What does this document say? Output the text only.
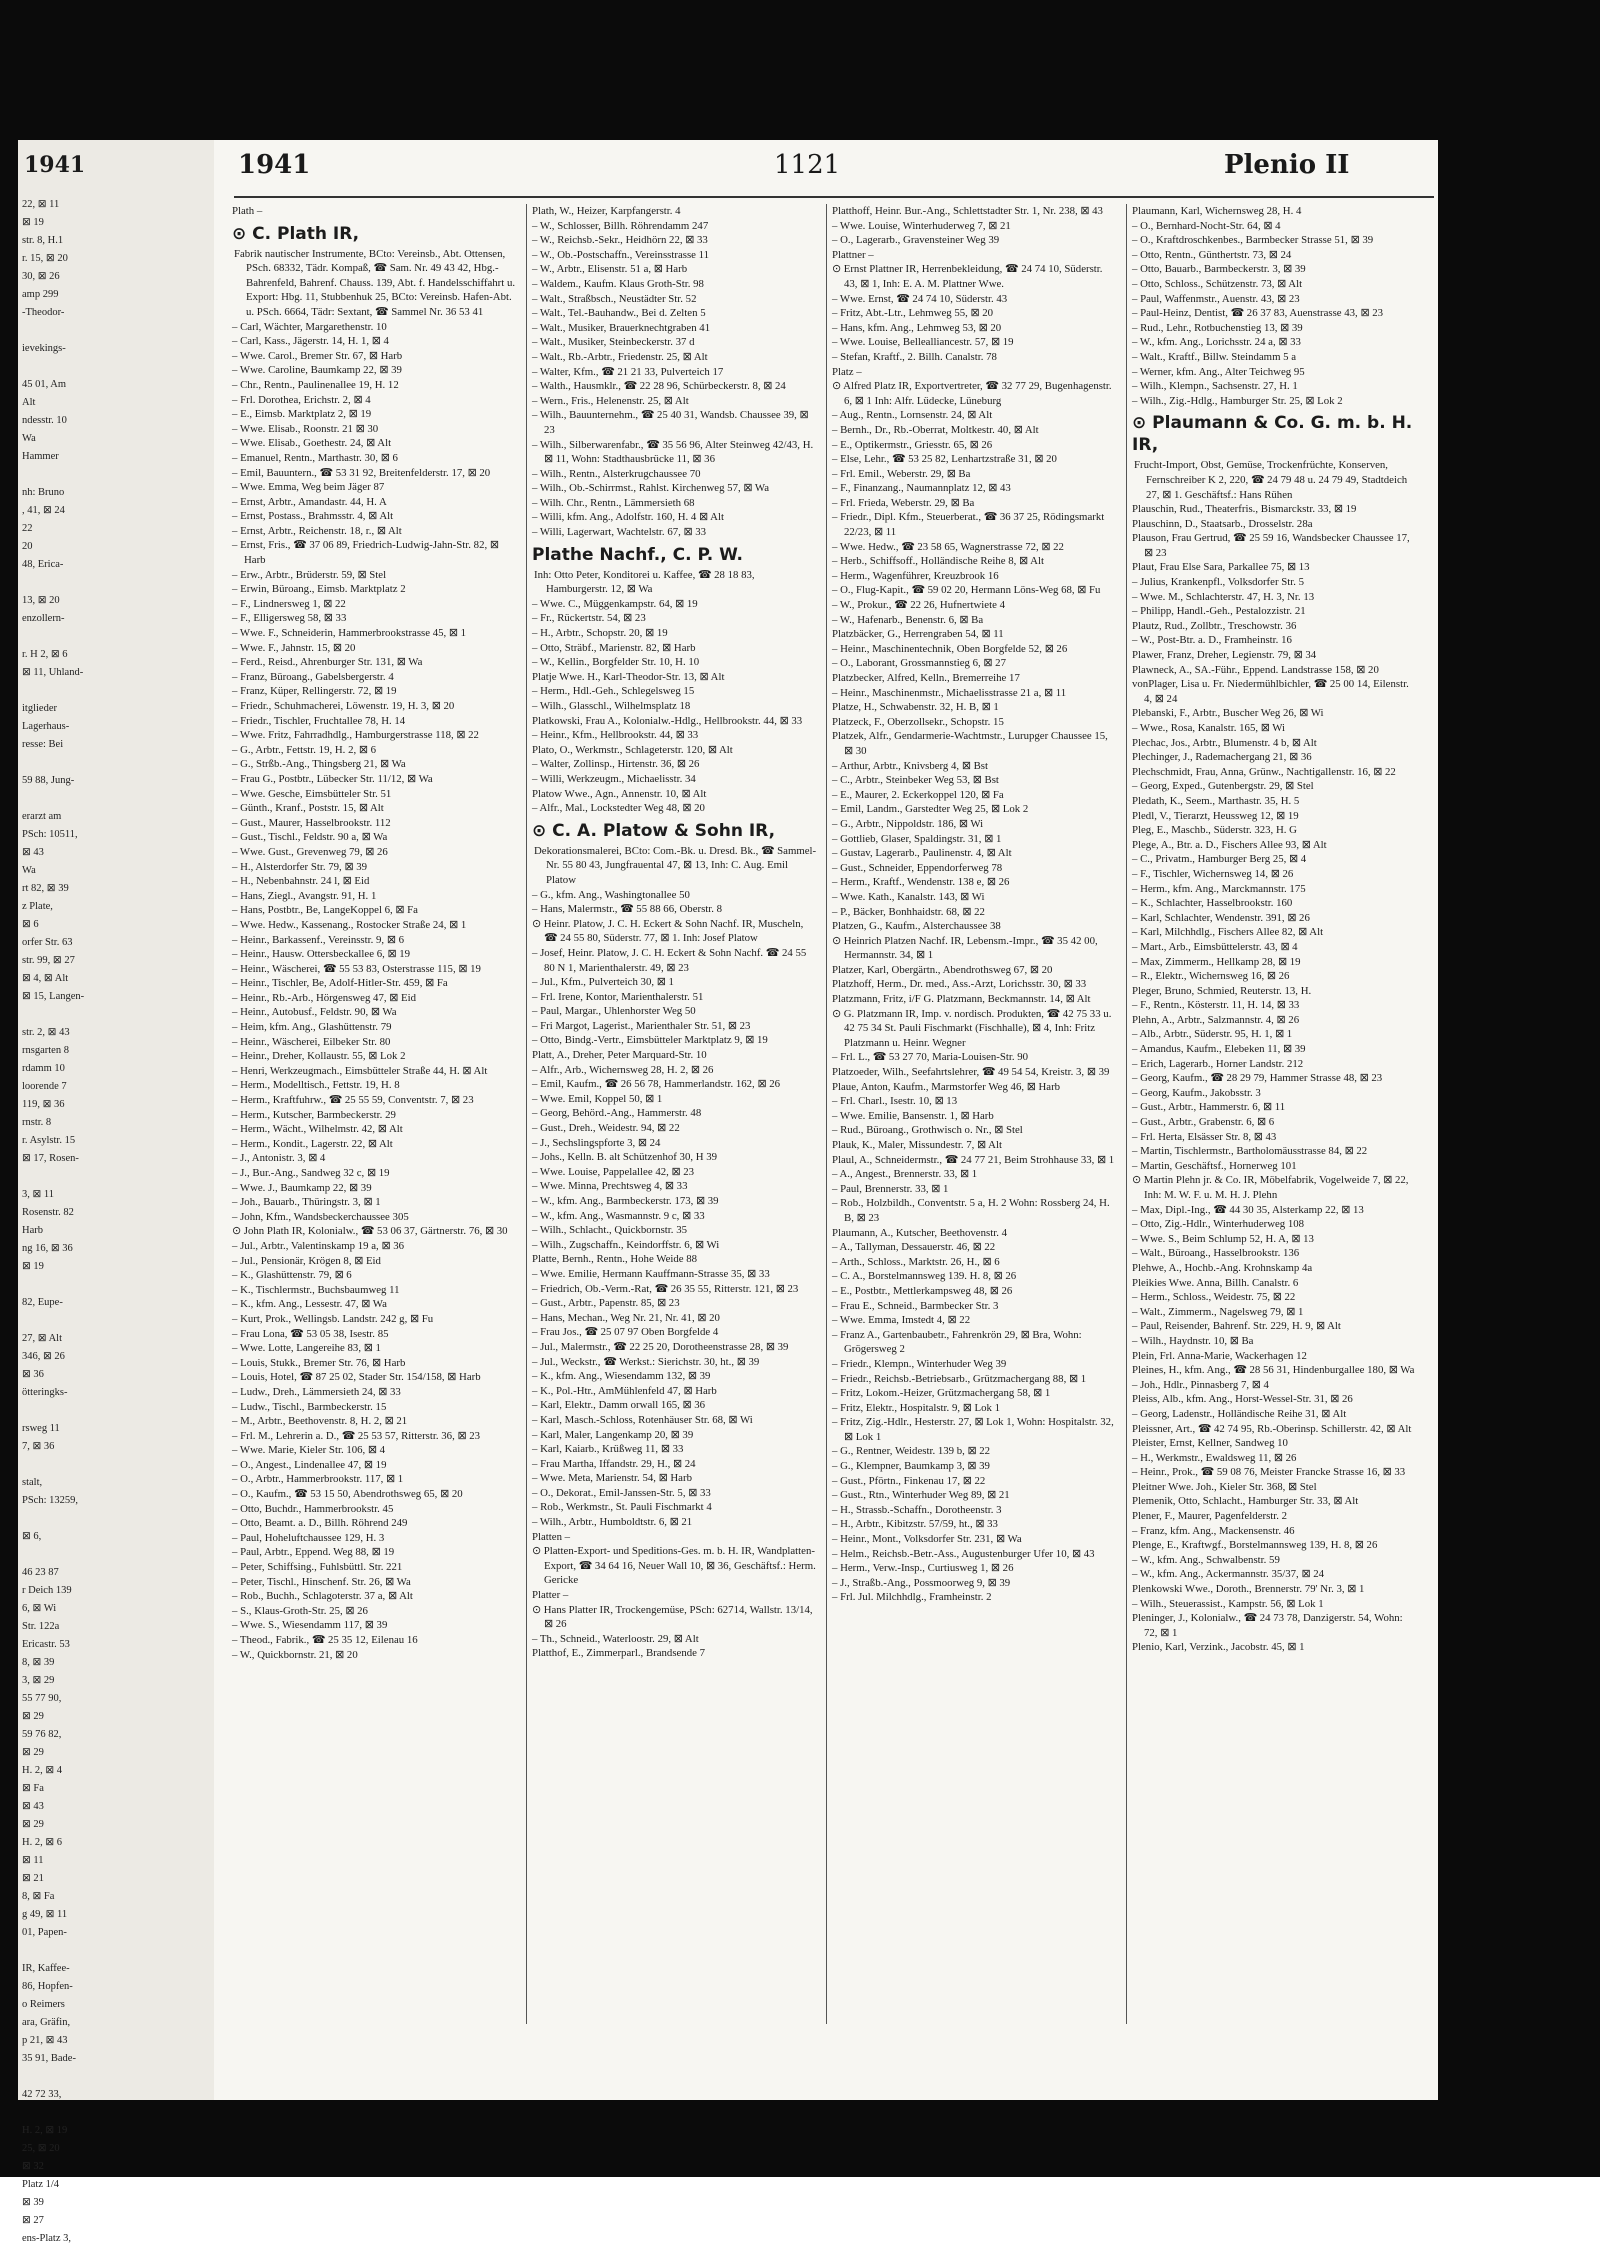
1941
22, ⊠ 11
⊠ 19
str. 8, H.1
r. 15, ⊠ 20
30, ⊠ 26
amp 299
-Theodor-

ievekings-

45 01, Am
Alt
ndesstr. 10
Wa
Hammer

nh: Bruno
, 41, ⊠ 24
22
20
48, Erica-

13, ⊠ 20
enzollern-

r. H 2, ⊠ 6
⊠ 11, Uhland-

itglieder
Lagerhaus-
resse: Bei

59 88, Jung-

erarzt am
PSch: 10511,
⊠ 43
Wa
rt 82, ⊠ 39
z Plate,
⊠ 6
orfer Str. 63
str. 99, ⊠ 27
⊠ 4, ⊠ Alt
⊠ 15, Langen-

str. 2, ⊠ 43
rnsgarten 8
rdamm 10
loorende 7
119, ⊠ 36
rnstr. 8
r. Asylstr. 15
⊠ 17, Rosen-

3, ⊠ 11
Rosenstr. 82
Harb
ng 16, ⊠ 36
⊠ 19

82, Eupe-

27, ⊠ Alt
346, ⊠ 26
⊠ 36
ötteringks-

rsweg 11
7, ⊠ 36

stalt,
PSch: 13259,

⊠ 6,

46 23 87
r Deich 139
6, ⊠ Wi
Str. 122a
Ericastr. 53
8, ⊠ 39
3, ⊠ 29
55 77 90,
⊠ 29
59 76 82,
⊠ 29
H. 2, ⊠ 4
⊠ Fa
⊠ 43
⊠ 29
H. 2, ⊠ 6
⊠ 11
⊠ 21
8, ⊠ Fa
g 49, ⊠ 11
01, Papen-

IR, Kaffee-
86, Hopfen-
o Reimers
ara, Gräfin,
p 21, ⊠ 43
35 91, Bade-

42 72 33,

H. 2, ⊠ 19
25, ⊠ 20
⊠ 32
Platz 1/4
⊠ 39
⊠ 27
ens-Platz 3,
1941	1121	Plenio II
Plath –
⊙ C. Plath IR,
Fabrik nautischer Instrumente, BCto: Vereinsb., Abt. Ottensen, PSch. 68332, Tädr. Kompaß, ☎ Sam. Nr. 49 43 42, Hbg.-Bahrenfeld, Bahrenf. Chauss. 139, Abt. f. Handelsschiffahrt u. Export: Hbg. 11, Stubbenhuk 25, BCto: Vereinsb. Hafen-Abt. u. PSch. 6664, Tädr: Sextant, ☎ Sammel Nr. 36 53 41
– Carl, Wächter, Margarethenstr. 10
– Carl, Kass., Jägerstr. 14, H. 1, ⊠ 4
– Wwe. Carol., Bremer Str. 67, ⊠ Harb
– Wwe. Caroline, Baumkamp 22, ⊠ 39
– Chr., Rentn., Paulinenallee 19, H. 12
– Frl. Dorothea, Erichstr. 2, ⊠ 4
– E., Eimsb. Marktplatz 2, ⊠ 19
– Wwe. Elisab., Roonstr. 21 ⊠ 30
– Wwe. Elisab., Goethestr. 24, ⊠ Alt
– Emanuel, Rentn., Marthastr. 30, ⊠ 6
– Emil, Bauuntern., ☎ 53 31 92, Breitenfelderstr. 17, ⊠ 20
– Wwe. Emma, Weg beim Jäger 87
– Ernst, Arbtr., Amandastr. 44, H. A
– Ernst, Postass., Brahmsstr. 4, ⊠ Alt
– Ernst, Arbtr., Reichenstr. 18, r., ⊠ Alt
– Ernst, Fris., ☎ 37 06 89, Friedrich-Ludwig-Jahn-Str. 82, ⊠ Harb
– Erw., Arbtr., Brüderstr. 59, ⊠ Stel
– Erwin, Büroang., Eimsb. Marktplatz 2
– F., Lindnersweg 1, ⊠ 22
– F., Elligersweg 58, ⊠ 33
– Wwe. F., Schneiderin, Hammerbrookstrasse 45, ⊠ 1
– Wwe. F., Jahnstr. 15, ⊠ 20
– Ferd., Reisd., Ahrenburger Str. 131, ⊠ Wa
– Franz, Büroang., Gabelsbergerstr. 4
– Franz, Küper, Rellingerstr. 72, ⊠ 19
– Friedr., Schuhmacherei, Löwenstr. 19, H. 3, ⊠ 20
– Friedr., Tischler, Fruchtallee 78, H. 14
– Wwe. Fritz, Fahrradhdlg., Hamburgerstrasse 118, ⊠ 22
– G., Arbtr., Fettstr. 19, H. 2, ⊠ 6
– G., Strßb.-Ang., Thingsberg 21, ⊠ Wa
– Frau G., Postbtr., Lübecker Str. 11/12, ⊠ Wa
– Wwe. Gesche, Eimsbütteler Str. 51
– Günth., Kranf., Poststr. 15, ⊠ Alt
– Gust., Maurer, Hasselbrookstr. 112
– Gust., Tischl., Feldstr. 90 a, ⊠ Wa
– Wwe. Gust., Grevenweg 79, ⊠ 26
– H., Alsterdorfer Str. 79, ⊠ 39
– H., Nebenbahnstr. 24 l, ⊠ Eid
– Hans, Ziegl., Avangstr. 91, H. 1
– Hans, Postbtr., Be, LangeKoppel 6, ⊠ Fa
– Wwe. Hedw., Kassenang., Rostocker Straße 24, ⊠ 1
– Heinr., Barkassenf., Vereinsstr. 9, ⊠ 6
– Heinr., Hausw. Ottersbeckallee 6, ⊠ 19
– Heinr., Wäscherei, ☎ 55 53 83, Osterstrasse 115, ⊠ 19
– Heinr., Tischler, Be, Adolf-Hitler-Str. 459, ⊠ Fa
– Heinr., Rb.-Arb., Hörgensweg 47, ⊠ Eid
– Heinr., Autobusf., Feldstr. 90, ⊠ Wa
– Heim, kfm. Ang., Glashüttenstr. 79
– Heinr., Wäscherei, Eilbeker Str. 80
– Heinr., Dreher, Kollaustr. 55, ⊠ Lok 2
– Henri, Werkzeugmach., Eimsbütteler Straße 44, H. ⊠ Alt
– Herm., Modelltisch., Fettstr. 19, H. 8
– Herm., Kraftfuhrw., ☎ 25 55 59, Conventstr. 7, ⊠ 23
– Herm., Kutscher, Barmbeckerstr. 29
– Herm., Wächt., Wilhelmstr. 42, ⊠ Alt
– Herm., Kondit., Lagerstr. 22, ⊠ Alt
– J., Antonistr. 3, ⊠ 4
– J., Bur.-Ang., Sandweg 32 c, ⊠ 19
– Wwe. J., Baumkamp 22, ⊠ 39
– Joh., Bauarb., Thüringstr. 3, ⊠ 1
– John, Kfm., Wandsbeckerchaussee 305
⊙ John Plath IR, Kolonialw., ☎ 53 06 37, Gärtnerstr. 76, ⊠ 30
– Jul., Arbtr., Valentinskamp 19 a, ⊠ 36
– Jul., Pensionär, Krögen 8, ⊠ Eid
– K., Glashüttenstr. 79, ⊠ 6
– K., Tischlermstr., Buchsbaumweg 11
– K., kfm. Ang., Lessestr. 47, ⊠ Wa
– Kurt, Prok., Wellingsb. Landstr. 242 g, ⊠ Fu
– Frau Lona, ☎ 53 05 38, Isestr. 85
– Wwe. Lotte, Langereihe 83, ⊠ 1
– Louis, Stukk., Bremer Str. 76, ⊠ Harb
– Louis, Hotel, ☎ 87 25 02, Stader Str. 154/158, ⊠ Harb
– Ludw., Dreh., Lämmersieth 24, ⊠ 33
– Ludw., Tischl., Barmbeckerstr. 15
– M., Arbtr., Beethovenstr. 8, H. 2, ⊠ 21
– Frl. M., Lehrerin a. D., ☎ 25 53 57, Ritterstr. 36, ⊠ 23
– Wwe. Marie, Kieler Str. 106, ⊠ 4
– O., Angest., Lindenallee 47, ⊠ 19
– O., Arbtr., Hammerbrookstr. 117, ⊠ 1
– O., Kaufm., ☎ 53 15 50, Abendrothsweg 65, ⊠ 20
– Otto, Buchdr., Hammerbrookstr. 45
– Otto, Beamt. a. D., Billh. Röhrend 249
– Paul, Hoheluftchaussee 129, H. 3
– Paul, Arbtr., Eppend. Weg 88, ⊠ 19
– Peter, Schiffsing., Fuhlsbüttl. Str. 221
– Peter, Tischl., Hinschenf. Str. 26, ⊠ Wa
– Rob., Buchh., Schlagoterstr. 37 a, ⊠ Alt
– S., Klaus-Groth-Str. 25, ⊠ 26
– Wwe. S., Wiesendamm 117, ⊠ 39
– Theod., Fabrik., ☎ 25 35 12, Eilenau 16
– W., Quickbornstr. 21, ⊠ 20
Plath, W., Heizer, Karpfangerstr. 4
– W., Schlosser, Billh. Röhrendamm 247
– W., Reichsb.-Sekr., Heidhörn 22, ⊠ 33
– W., Ob.-Postschaffn., Vereinsstrasse 11
– W., Arbtr., Elisenstr. 51 a, ⊠ Harb
– Waldem., Kaufm. Klaus Groth-Str. 98
– Walt., Straßbsch., Neustädter Str. 52
– Walt., Tel.-Bauhandw., Bei d. Zelten 5
– Walt., Musiker, Brauerknechtgraben 41
– Walt., Musiker, Steinbeckerstr. 37 d
– Walt., Rb.-Arbtr., Friedenstr. 25, ⊠ Alt
– Walter, Kfm., ☎ 21 21 33, Pulverteich 17
– Walth., Hausmklr., ☎ 22 28 96, Schürbeckerstr. 8, ⊠ 24
– Wern., Fris., Helenenstr. 25, ⊠ Alt
– Wilh., Bauunternehm., ☎ 25 40 31, Wandsb. Chaussee 39, ⊠ 23
– Wilh., Silberwarenfabr., ☎ 35 56 96, Alter Steinweg 42/43, H. ⊠ 11, Wohn: Stadthausbrücke 11, ⊠ 36
– Wilh., Rentn., Alsterkrugchaussee 70
– Wilh., Ob.-Schirrmst., Rahlst. Kirchenweg 57, ⊠ Wa
– Wilh. Chr., Rentn., Lämmersieth 68
– Willi, kfm. Ang., Adolfstr. 160, H. 4 ⊠ Alt
– Willi, Lagerwart, Wachtelstr. 67, ⊠ 33
Plathe Nachf., C. P. W.
Inh: Otto Peter, Konditorei u. Kaffee, ☎ 28 18 83, Hamburgerstr. 12, ⊠ Wa
– Wwe. C., Müggenkampstr. 64, ⊠ 19
– Fr., Rückertstr. 54, ⊠ 23
– H., Arbtr., Schopstr. 20, ⊠ 19
– Otto, Sträbf., Marienstr. 82, ⊠ Harb
– W., Kellin., Borgfelder Str. 10, H. 10
Platje Wwe. H., Karl-Theodor-Str. 13, ⊠ Alt
– Herm., Hdl.-Geh., Schlegelsweg 15
– Wilh., Glasschl., Wilhelmsplatz 18
Platkowski, Frau A., Kolonialw.-Hdlg., Hellbrookstr. 44, ⊠ 33
– Heinr., Kfm., Hellbrookstr. 44, ⊠ 33
Plato, O., Werkmstr., Schlageterstr. 120, ⊠ Alt
– Walter, Zollinsp., Hirtenstr. 36, ⊠ 26
– Willi, Werkzeugm., Michaelisstr. 34
Platow Wwe., Agn., Annenstr. 10, ⊠ Alt
– Alfr., Mal., Lockstedter Weg 48, ⊠ 20
⊙ C. A. Platow & Sohn IR,
Dekorationsmalerei, BCto: Com.-Bk. u. Dresd. Bk., ☎ Sammel-Nr. 55 80 43, Jungfrauental 47, ⊠ 13, Inh: C. Aug. Emil Platow
– G., kfm. Ang., Washingtonallee 50
– Hans, Malermstr., ☎ 55 88 66, Oberstr. 8
⊙ Heinr. Platow, J. C. H. Eckert & Sohn Nachf. IR, Muscheln, ☎ 24 55 80, Süderstr. 77, ⊠ 1. Inh: Josef Platow
– Josef, Heinr. Platow, J. C. H. Eckert & Sohn Nachf. ☎ 24 55 80 N 1, Marienthalerstr. 49, ⊠ 23
– Jul., Kfm., Pulverteich 30, ⊠ 1
– Frl. Irene, Kontor, Marienthalerstr. 51
– Paul, Margar., Uhlenhorster Weg 50
– Fri Margot, Lagerist., Marienthaler Str. 51, ⊠ 23
– Otto, Bindg.-Vertr., Eimsbütteler Marktplatz 9, ⊠ 19
Platt, A., Dreher, Peter Marquard-Str. 10
– Alfr., Arb., Wichernsweg 28, H. 2, ⊠ 26
– Emil, Kaufm., ☎ 26 56 78, Hammerlandstr. 162, ⊠ 26
– Wwe. Emil, Koppel 50, ⊠ 1
– Georg, Behörd.-Ang., Hammerstr. 48
– Gust., Dreh., Weidestr. 94, ⊠ 22
– J., Sechslingspforte 3, ⊠ 24
– Johs., Kelln. B. alt Schützenhof 30, H 39
– Wwe. Louise, Pappelallee 42, ⊠ 23
– Wwe. Minna, Prechtsweg 4, ⊠ 33
– W., kfm. Ang., Barmbeckerstr. 173, ⊠ 39
– W., kfm. Ang., Wasmannstr. 9 c, ⊠ 33
– Wilh., Schlacht., Quickbornstr. 35
– Wilh., Zugschaffn., Keindorffstr. 6, ⊠ Wi
Platte, Bernh., Rentn., Hohe Weide 88
– Wwe. Emilie, Hermann Kauffmann-Strasse 35, ⊠ 33
– Friedrich, Ob.-Verm.-Rat, ☎ 26 35 55, Ritterstr. 121, ⊠ 23
– Gust., Arbtr., Papenstr. 85, ⊠ 23
– Hans, Mechan., Weg Nr. 21, Nr. 41, ⊠ 20
– Frau Jos., ☎ 25 07 97 Oben Borgfelde 4
– Jul., Malermstr., ☎ 22 25 20, Dorotheenstrasse 28, ⊠ 39
– Jul., Weckstr., ☎ Werkst.: Sierichstr. 30, ht., ⊠ 39
– K., kfm. Ang., Wiesendamm 132, ⊠ 39
– K., Pol.-Htr., AmMühlenfeld 47, ⊠ Harb
– Karl, Elektr., Damm orwall 165, ⊠ 36
– Karl, Masch.-Schloss, Rotenhäuser Str. 68, ⊠ Wi
– Karl, Maler, Langenkamp 20, ⊠ 39
– Karl, Kaiarb., Krüßweg 11, ⊠ 33
– Frau Martha, Iffandstr. 29, H., ⊠ 24
– Wwe. Meta, Marienstr. 54, ⊠ Harb
– O., Dekorat., Emil-Janssen-Str. 5, ⊠ 33
– Rob., Werkmstr., St. Pauli Fischmarkt 4
– Wilh., Arbtr., Humboldtstr. 6, ⊠ 21
Platten –
⊙ Platten-Export- und Speditions-Ges. m. b. H. IR, Wandplatten-Export, ☎ 34 64 16, Neuer Wall 10, ⊠ 36, Geschäftsf.: Herm. Gericke
Platter –
⊙ Hans Platter IR, Trockengemüse, PSch: 62714, Wallstr. 13/14, ⊠ 26
– Th., Schneid., Waterloostr. 29, ⊠ Alt
Platthof, E., Zimmerparl., Brandsende 7
Platthoff, Heinr. Bur.-Ang., Schlettstadter Str. 1, Nr. 238, ⊠ 43
– Wwe. Louise, Winterhuderweg 7, ⊠ 21
– O., Lagerarb., Gravensteiner Weg 39
Plattner –
⊙ Ernst Plattner IR, Herrenbekleidung, ☎ 24 74 10, Süderstr. 43, ⊠ 1, Inh: E. A. M. Plattner Wwe.
– Wwe. Ernst, ☎ 24 74 10, Süderstr. 43
– Fritz, Abt.-Ltr., Lehmweg 55, ⊠ 20
– Hans, kfm. Ang., Lehmweg 53, ⊠ 20
– Wwe. Louise, Bellealliancestr. 57, ⊠ 19
– Stefan, Kraftf., 2. Billh. Canalstr. 78
Platz –
⊙ Alfred Platz IR, Exportvertreter, ☎ 32 77 29, Bugenhagenstr. 6, ⊠ 1 Inh: Alfr. Lüdecke, Lüneburg
– Aug., Rentn., Lornsenstr. 24, ⊠ Alt
– Bernh., Dr., Rb.-Oberrat, Moltkestr. 40, ⊠ Alt
– E., Optikermstr., Griesstr. 65, ⊠ 26
– Else, Lehr., ☎ 53 25 82, Lenhartzstraße 31, ⊠ 20
– Frl. Emil., Weberstr. 29, ⊠ Ba
– F., Finanzang., Naumannplatz 12, ⊠ 43
– Frl. Frieda, Weberstr. 29, ⊠ Ba
– Friedr., Dipl. Kfm., Steuerberat., ☎ 36 37 25, Rödingsmarkt 22/23, ⊠ 11
– Wwe. Hedw., ☎ 23 58 65, Wagnerstrasse 72, ⊠ 22
– Herb., Schiffsoff., Holländische Reihe 8, ⊠ Alt
– Herm., Wagenführer, Kreuzbrook 16
– O., Flug-Kapit., ☎ 59 02 20, Hermann Löns-Weg 68, ⊠ Fu
– W., Prokur., ☎ 22 26, Hufnertwiete 4
– W., Hafenarb., Benenstr. 6, ⊠ Ba
Platzbäcker, G., Herrengraben 54, ⊠ 11
– Heinr., Maschinentechnik, Oben Borgfelde 52, ⊠ 26
– O., Laborant, Grossmannstieg 6, ⊠ 27
Platzbecker, Alfred, Kelln., Bremerreihe 17
– Heinr., Maschinenmstr., Michaelisstrasse 21 a, ⊠ 11
Platze, H., Schwabenstr. 32, H. B, ⊠ 1
Platzeck, F., Oberzollsekr., Schopstr. 15
Platzek, Alfr., Gendarmerie-Wachtmstr., Lurupger Chaussee 15, ⊠ 30
– Arthur, Arbtr., Knivsberg 4, ⊠ Bst
– C., Arbtr., Steinbeker Weg 53, ⊠ Bst
– E., Maurer, 2. Eckerkoppel 120, ⊠ Fa
– Emil, Landm., Garstedter Weg 25, ⊠ Lok 2
– G., Arbtr., Nippoldstr. 186, ⊠ Wi
– Gottlieb, Glaser, Spaldingstr. 31, ⊠ 1
– Gustav, Lagerarb., Paulinenstr. 4, ⊠ Alt
– Gust., Schneider, Eppendorferweg 78
– Herm., Kraftf., Wendenstr. 138 e, ⊠ 26
– Wwe. Kath., Kanalstr. 143, ⊠ Wi
– P., Bäcker, Bonhhaidstr. 68, ⊠ 22
Platzen, G., Kaufm., Alsterchaussee 38
⊙ Heinrich Platzen Nachf. IR, Lebensm.-Impr., ☎ 35 42 00, Hermannstr. 34, ⊠ 1
Platzer, Karl, Obergärtn., Abendrothsweg 67, ⊠ 20
Platzhoff, Herm., Dr. med., Ass.-Arzt, Lorichsstr. 30, ⊠ 33
Platzmann, Fritz, i/F G. Platzmann, Beckmannstr. 14, ⊠ Alt
⊙ G. Platzmann IR, Imp. v. nordisch. Produkten, ☎ 42 75 33 u. 42 75 34 St. Pauli Fischmarkt (Fischhalle), ⊠ 4, Inh: Fritz Platzmann u. Heinr. Wegner
– Frl. L., ☎ 53 27 70, Maria-Louisen-Str. 90
Platzoeder, Wilh., Seefahrtslehrer, ☎ 49 54 54, Kreistr. 3, ⊠ 39
Plaue, Anton, Kaufm., Marmstorfer Weg 46, ⊠ Harb
– Frl. Charl., Isestr. 10, ⊠ 13
– Wwe. Emilie, Bansenstr. 1, ⊠ Harb
– Rud., Büroang., Grothwisch o. Nr., ⊠ Stel
Plauk, K., Maler, Missundestr. 7, ⊠ Alt
Plaul, A., Schneidermstr., ☎ 24 77 21, Beim Strohhause 33, ⊠ 1
– A., Angest., Brennerstr. 33, ⊠ 1
– Paul, Brennerstr. 33, ⊠ 1
– Rob., Holzbildh., Conventstr. 5 a, H. 2 Wohn: Rossberg 24, H. B, ⊠ 23
Plaumann, A., Kutscher, Beethovenstr. 4
– A., Tallyman, Dessauerstr. 46, ⊠ 22
– Arth., Schloss., Marktstr. 26, H., ⊠ 6
– C. A., Borstelmannsweg 139. H. 8, ⊠ 26
– E., Postbtr., Mettlerkampsweg 48, ⊠ 26
– Frau E., Schneid., Barmbecker Str. 3
– Wwe. Emma, Imstedt 4, ⊠ 22
– Franz A., Gartenbaubetr., Fahrenkrön 29, ⊠ Bra, Wohn: Grögersweg 2
– Friedr., Klempn., Winterhuder Weg 39
– Friedr., Reichsb.-Betriebsarb., Grützmachergang 88, ⊠ 1
– Fritz, Lokom.-Heizer, Grützmachergang 58, ⊠ 1
– Fritz, Elektr., Hospitalstr. 9, ⊠ Lok 1
– Fritz, Zig.-Hdlr., Hesterstr. 27, ⊠ Lok 1, Wohn: Hospitalstr. 32, ⊠ Lok 1
– G., Rentner, Weidestr. 139 b, ⊠ 22
– G., Klempner, Baumkamp 3, ⊠ 39
– Gust., Pförtn., Finkenau 17, ⊠ 22
– Gust., Rtn., Winterhuder Weg 89, ⊠ 21
– H., Strassb.-Schaffn., Dorotheenstr. 3
– H., Arbtr., Kibitzstr. 57/59, ht., ⊠ 33
– Heinr., Mont., Volksdorfer Str. 231, ⊠ Wa
– Helm., Reichsb.-Betr.-Ass., Augustenburger Ufer 10, ⊠ 43
– Herm., Verw.-Insp., Curtiusweg 1, ⊠ 26
– J., Straßb.-Ang., Possmoorweg 9, ⊠ 39
– Frl. Jul. Milchhdlg., Framheinstr. 2
Plaumann, Karl, Wichernsweg 28, H. 4
– O., Bernhard-Nocht-Str. 64, ⊠ 4
– O., Kraftdroschkenbes., Barmbecker Strasse 51, ⊠ 39
– Otto, Rentn., Günthertstr. 73, ⊠ 24
– Otto, Bauarb., Barmbeckerstr. 3, ⊠ 39
– Otto, Schloss., Schützenstr. 73, ⊠ Alt
– Paul, Waffenmstr., Auenstr. 43, ⊠ 23
– Paul-Heinz, Dentist, ☎ 26 37 83, Auenstrasse 43, ⊠ 23
– Rud., Lehr., Rotbuchenstieg 13, ⊠ 39
– W., kfm. Ang., Lorichsstr. 24 a, ⊠ 33
– Walt., Kraftf., Billw. Steindamm 5 a
– Werner, kfm. Ang., Alter Teichweg 95
– Wilh., Klempn., Sachsenstr. 27, H. 1
– Wilh., Zig.-Hdlg., Hamburger Str. 25, ⊠ Lok 2
⊙ Plaumann & Co. G. m. b. H. IR,
Frucht-Import, Obst, Gemüse, Trockenfrüchte, Konserven, Fernschreiber K 2, 220, ☎ 24 79 48 u. 24 79 49, Stadtdeich 27, ⊠ 1. Geschäftsf.: Hans Rühen
Plauschin, Rud., Theaterfris., Bismarckstr. 33, ⊠ 19
Plauschinn, D., Staatsarb., Drosselstr. 28a
Plauson, Frau Gertrud, ☎ 25 59 16, Wandsbecker Chaussee 17, ⊠ 23
Plaut, Frau Else Sara, Parkallee 75, ⊠ 13
– Julius, Krankenpfl., Volksdorfer Str. 5
– Wwe. M., Schlachterstr. 47, H. 3, Nr. 13
– Philipp, Handl.-Geh., Pestalozzistr. 21
Plautz, Rud., Zollbtr., Treschowstr. 36
– W., Post-Btr. a. D., Framheinstr. 16
Plawer, Franz, Dreher, Legienstr. 79, ⊠ 34
Plawneck, A., SA.-Führ., Eppend. Landstrasse 158, ⊠ 20
vonPlager, Lisa u. Fr. Niedermühlbichler, ☎ 25 00 14, Eilenstr. 4, ⊠ 24
Plebanski, F., Arbtr., Buscher Weg 26, ⊠ Wi
– Wwe., Rosa, Kanalstr. 165, ⊠ Wi
Plechac, Jos., Arbtr., Blumenstr. 4 b, ⊠ Alt
Plechinger, J., Rademachergang 21, ⊠ 36
Plechschmidt, Frau, Anna, Grünw., Nachtigallenstr. 16, ⊠ 22
– Georg, Exped., Gutenbergstr. 29, ⊠ Stel
Pledath, K., Seem., Marthastr. 35, H. 5
Pledl, V., Tierarzt, Heussweg 12, ⊠ 19
Pleg, E., Maschb., Süderstr. 323, H. G
Plege, A., Btr. a. D., Fischers Allee 93, ⊠ Alt
– C., Privatm., Hamburger Berg 25, ⊠ 4
– F., Tischler, Wichernsweg 14, ⊠ 26
– Herm., kfm. Ang., Marckmannstr. 175
– K., Schlachter, Hasselbrookstr. 160
– Karl, Schlachter, Wendenstr. 391, ⊠ 26
– Karl, Milchhdlg., Fischers Allee 82, ⊠ Alt
– Mart., Arb., Eimsbüttelerstr. 43, ⊠ 4
– Max, Zimmerm., Hellkamp 28, ⊠ 19
– R., Elektr., Wichernsweg 16, ⊠ 26
Pleger, Bruno, Schmied, Reuterstr. 13, H.
– F., Rentn., Kösterstr. 11, H. 14, ⊠ 33
Plehn, A., Arbtr., Salzmannstr. 4, ⊠ 26
– Alb., Arbtr., Süderstr. 95, H. 1, ⊠ 1
– Amandus, Kaufm., Elebeken 11, ⊠ 39
– Erich, Lagerarb., Horner Landstr. 212
– Georg, Kaufm., ☎ 28 29 79, Hammer Strasse 48, ⊠ 23
– Georg, Kaufm., Jakobsstr. 3
– Gust., Arbtr., Hammerstr. 6, ⊠ 11
– Gust., Arbtr., Grabenstr. 6, ⊠ 6
– Frl. Herta, Elsässer Str. 8, ⊠ 43
– Martin, Tischlermstr., Bartholomäusstrasse 84, ⊠ 22
– Martin, Geschäftsf., Hornerweg 101
⊙ Martin Plehn jr. & Co. IR, Möbelfabrik, Vogelweide 7, ⊠ 22, Inh: M. W. F. u. M. H. J. Plehn
– Max, Dipl.-Ing., ☎ 44 30 35, Alsterkamp 22, ⊠ 13
– Otto, Zig.-Hdlr., Winterhuderweg 108
– Wwe. S., Beim Schlump 52, H. A, ⊠ 13
– Walt., Büroang., Hasselbrookstr. 136
Plehwe, A., Hochb.-Ang. Krohnskamp 4a
Pleikies Wwe. Anna, Billh. Canalstr. 6
– Herm., Schloss., Weidestr. 75, ⊠ 22
– Walt., Zimmerm., Nagelsweg 79, ⊠ 1
– Paul, Reisender, Bahrenf. Str. 229, H. 9, ⊠ Alt
– Wilh., Haydnstr. 10, ⊠ Ba
Plein, Frl. Anna-Marie, Wackerhagen 12
Pleines, H., kfm. Ang., ☎ 28 56 31, Hindenburgallee 180, ⊠ Wa
– Joh., Hdlr., Pinnasberg 7, ⊠ 4
Pleiss, Alb., kfm. Ang., Horst-Wessel-Str. 31, ⊠ 26
– Georg, Ladenstr., Holländische Reihe 31, ⊠ Alt
Pleissner, Art., ☎ 42 74 95, Rb.-Oberinsp. Schillerstr. 42, ⊠ Alt
Pleister, Ernst, Kellner, Sandweg 10
– H., Werkmstr., Ewaldsweg 11, ⊠ 26
– Heinr., Prok., ☎ 59 08 76, Meister Francke Strasse 16, ⊠ 33
Pleitner Wwe. Joh., Kieler Str. 368, ⊠ Stel
Plemenik, Otto, Schlacht., Hamburger Str. 33, ⊠ Alt
Plener, F., Maurer, Pagenfelderstr. 2
– Franz, kfm. Ang., Mackensenstr. 46
Plenge, E., Kraftwgf., Borstelmannsweg 139, H. 8, ⊠ 26
– W., kfm. Ang., Schwalbenstr. 59
– W., kfm. Ang., Ackermannstr. 35/37, ⊠ 24
Plenkowski Wwe., Doroth., Brennerstr. 79' Nr. 3, ⊠ 1
– Wilh., Steuerassist., Kampstr. 56, ⊠ Lok 1
Pleninger, J., Kolonialw., ☎ 24 73 78, Danzigerstr. 54, Wohn: 72, ⊠ 1
Plenio, Karl, Verzink., Jacobstr. 45, ⊠ 1
